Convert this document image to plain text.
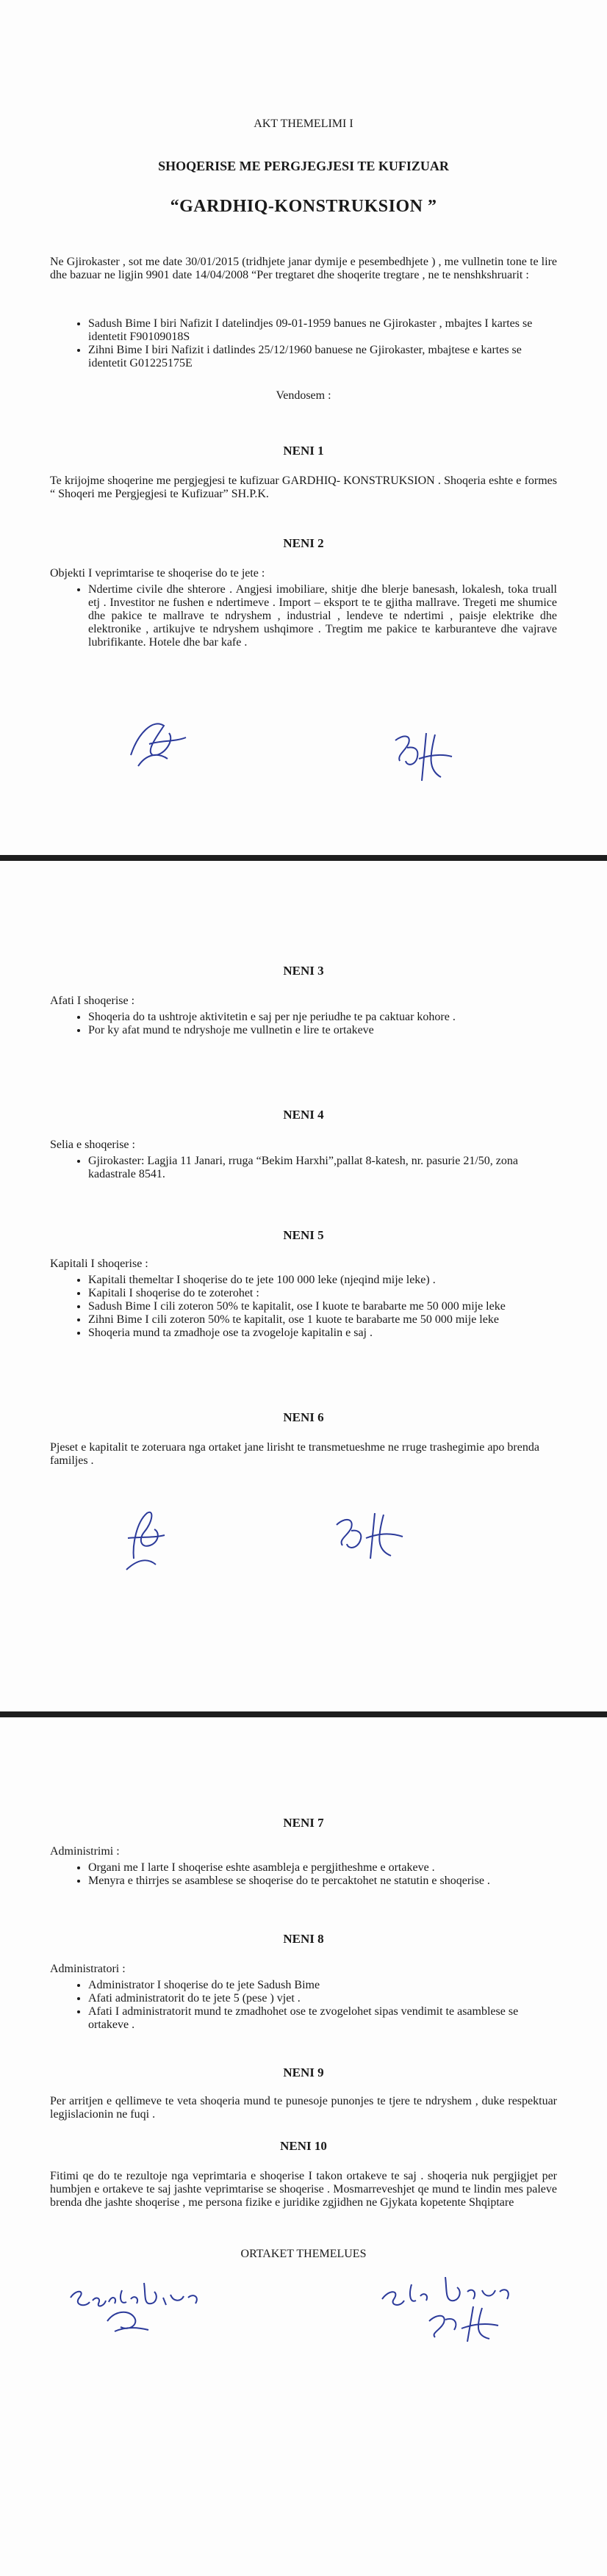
AKT THEMELIMI I

SHOQERISE ME PERGJEGJESI TE KUFIZUAR

“GARDHIQ-KONSTRUKSION ”

Ne Gjirokaster , sot me date 30/01/2015 (tridhjete janar dymije e pesembedhjete ) , me vullnetin tone te lire dhe bazuar ne ligjin 9901 date 14/04/2008 “Per tregtaret dhe shoqerite tregtare , ne te nenshkshruarit :

• Sadush Bime I biri Nafizit I datelindjes 09-01-1959 banues ne Gjirokaster , mbajtes I kartes se identetit F90109018S
• Zihni Bime I biri Nafizit i datlindes 25/12/1960 banuese ne Gjirokaster, mbajtese e kartes se identetit G01225175E

Vendosem :

NENI 1

Te krijojme shoqerine me pergjegjesi te kufizuar GARDHIQ- KONSTRUKSION . Shoqeria eshte e formes “ Shoqeri me Pergjegjesi te Kufizuar” SH.P.K.

NENI 2

Objekti I veprimtarise te shoqerise do te jete :

• Ndertime civile dhe shterore . Angjesi imobiliare, shitje dhe blerje banesash, lokalesh, toka truall etj . Investitor ne fushen e ndertimeve . Import – eksport te te gjitha mallrave. Tregeti me shumice dhe pakice te mallrave te ndryshem , industrial , lendeve te ndertimi , paisje elektrike dhe elektronike , artikujve te ndryshem ushqimore . Tregtim me pakice te karburanteve dhe vajrave lubrifikante. Hotele dhe bar kafe .

NENI 3

Afati I shoqerise :

• Shoqeria do ta ushtroje aktivitetin e saj per nje periudhe te pa caktuar kohore .
• Por ky afat mund te ndryshoje me vullnetin e lire te ortakeve

NENI 4

Selia e shoqerise :

• Gjirokaster: Lagjia 11 Janari, rruga “Bekim Harxhi”,pallat 8-katesh, nr. pasurie 21/50, zona kadastrale 8541.

NENI 5

Kapitali I shoqerise :

• Kapitali themeltar I shoqerise do te jete 100 000 leke (njeqind mije leke) .
• Kapitali I shoqerise do te zoterohet :
• Sadush Bime I cili zoteron 50% te kapitalit, ose I kuote te barabarte me 50 000 mije leke
• Zihni Bime I cili zoteron 50% te kapitalit, ose 1 kuote te barabarte me 50 000 mije leke
• Shoqeria mund ta zmadhoje ose ta zvogeloje kapitalin e saj .

NENI 6

Pjeset e kapitalit te zoteruara nga ortaket jane lirisht te transmetueshme ne rruge trashegimie apo brenda familjes .

NENI 7

Administrimi :

• Organi me I larte I shoqerise eshte asambleja e pergjitheshme e ortakeve .
• Menyra e thirrjes se asamblese se shoqerise do te percaktohet ne statutin e shoqerise .

NENI 8

Administratori :

• Administrator I shoqerise do te jete Sadush Bime
• Afati administratorit do te jete 5 (pese ) vjet .
• Afati I administratorit mund te zmadhohet ose te zvogelohet sipas vendimit te asamblese se ortakeve .

NENI 9

Per arritjen e qellimeve te veta shoqeria mund te punesoje punonjes te tjere te ndryshem , duke respektuar legjislacionin ne fuqi .

NENI 10

Fitimi qe do te rezultoje nga veprimtaria e shoqerise I takon ortakeve te saj . shoqeria nuk pergjigjet per humbjen e ortakeve te saj jashte veprimtarise se shoqerise . Mosmarreveshjet qe mund te lindin mes paleve brenda dhe jashte shoqerise , me persona fizike e juridike zgjidhen ne Gjykata kopetente Shqiptare

ORTAKET THEMELUES
